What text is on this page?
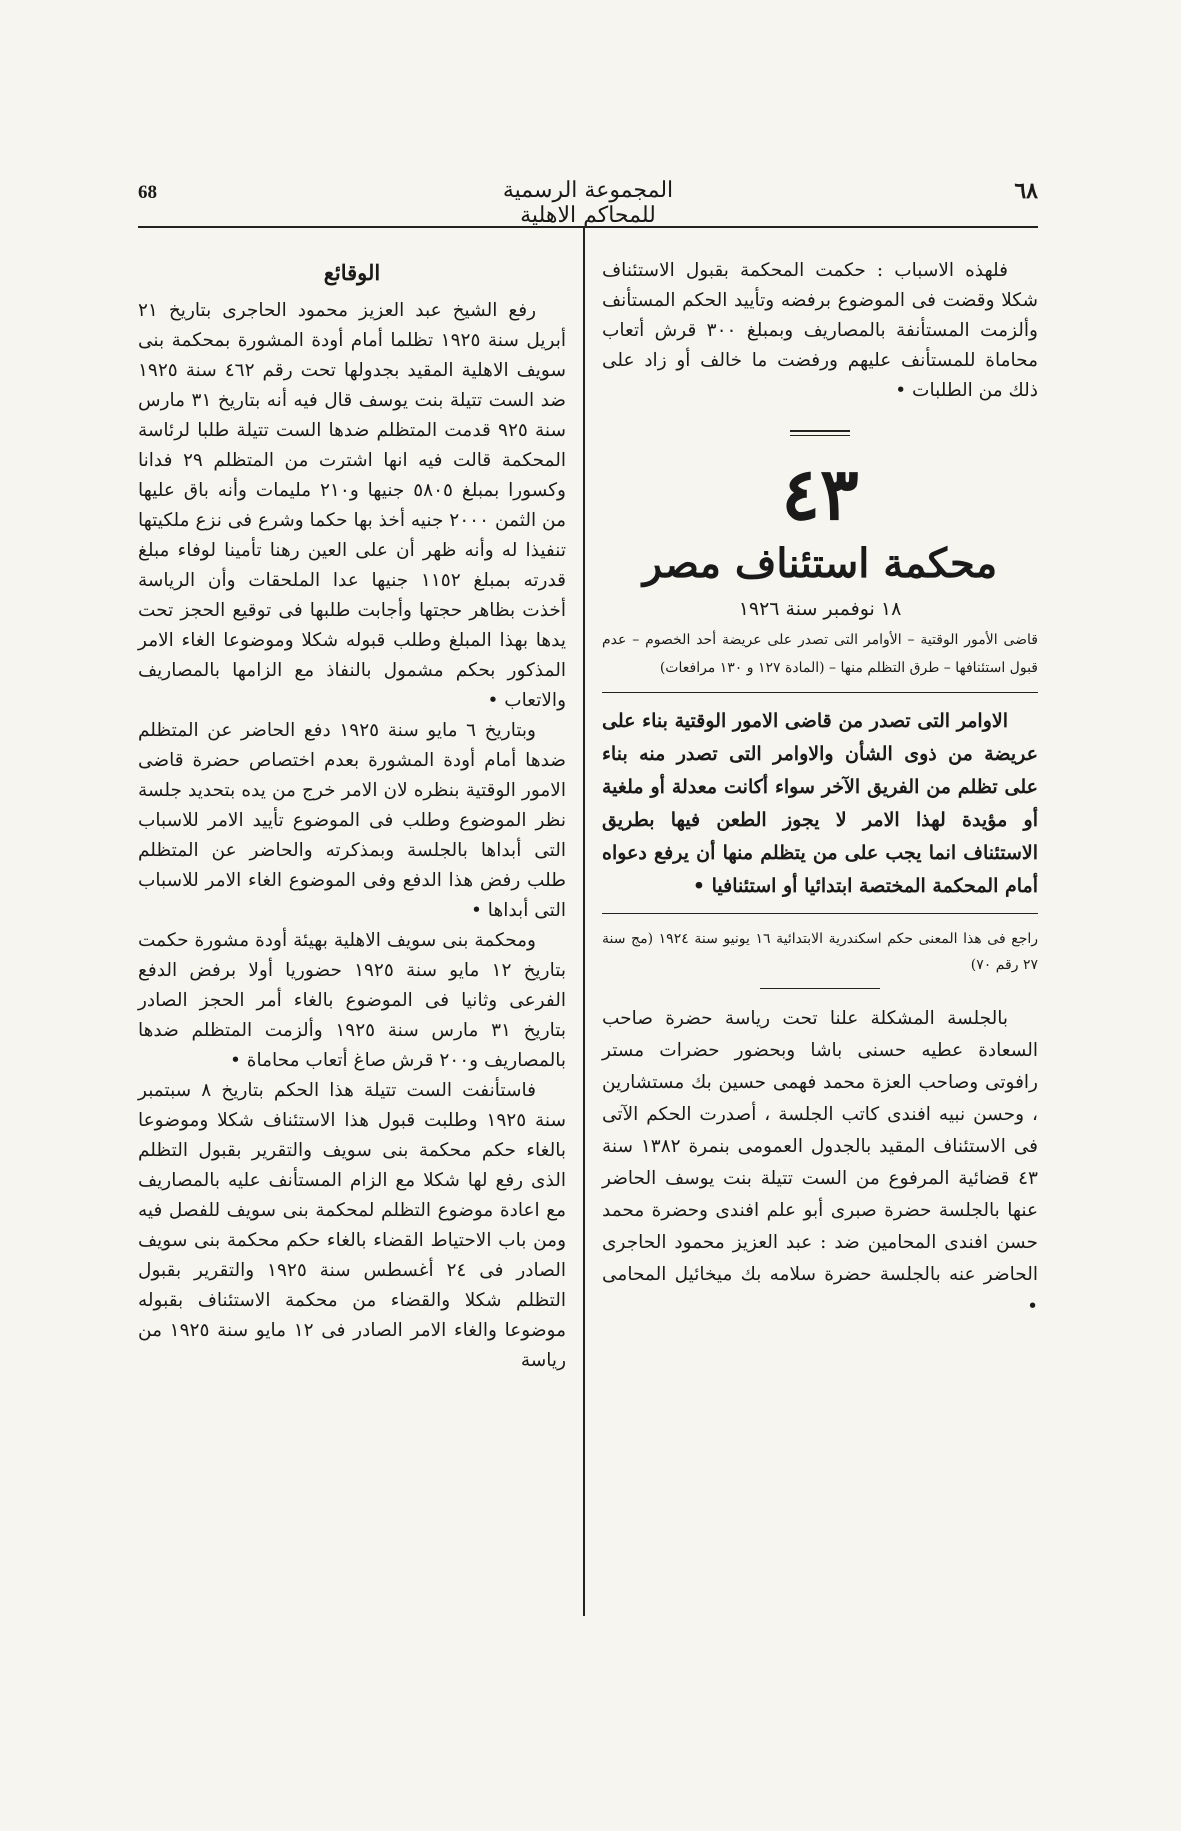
68	المجموعة الرسمية للمحاكم الاهلية
٦٨

الوقائع

رفع الشيخ عبد العزيز محمود الحاجرى بتاريخ ٢١ أبريل سنة ١٩٢٥ تظلما أمام أودة المشورة بمحكمة بنى سويف الاهلية المقيد بجدولها تحت رقم ٤٦٢ سنة ١٩٢٥ ضد الست تتيلة بنت يوسف قال فيه أنه بتاريخ ٣١ مارس سنة ٩٢٥ قدمت المتظلم ضدها الست تتيلة طلبا لرئاسة المحكمة قالت فيه انها اشترت من المتظلم ٢٩ فدانا وكسورا بمبلغ ٥٨٠٥ جنيها و٢١٠ مليمات وأنه باق عليها من الثمن ٢٠٠٠ جنيه أخذ بها حكما وشرع فى نزع ملكيتها تنفيذا له وأنه ظهر أن على العين رهنا تأمينا لوفاء مبلغ قدرته بمبلغ ١١٥٢ جنيها عدا الملحقات وأن الرياسة أخذت بظاهر حجتها وأجابت طلبها فى توقيع الحجز تحت يدها بهذا المبلغ وطلب قبوله شكلا وموضوعا الغاء الامر المذكور بحكم مشمول بالنفاذ مع الزامها بالمصاريف والاتعاب •

وبتاريخ ٦ مايو سنة ١٩٢٥ دفع الحاضر عن المتظلم ضدها أمام أودة المشورة بعدم اختصاص حضرة قاضى الامور الوقتية بنظره لان الامر خرج من يده بتحديد جلسة نظر الموضوع وطلب فى الموضوع تأييد الامر للاسباب التى أبداها بالجلسة وبمذكرته والحاضر عن المتظلم طلب رفض هذا الدفع وفى الموضوع الغاء الامر للاسباب التى أبداها •

ومحكمة بنى سويف الاهلية بهيئة أودة مشورة حكمت بتاريخ ١٢ مايو سنة ١٩٢٥ حضوريا أولا برفض الدفع الفرعى وثانيا فى الموضوع بالغاء أمر الحجز الصادر بتاريخ ٣١ مارس سنة ١٩٢٥ وألزمت المتظلم ضدها بالمصاريف و٢٠٠ قرش صاغ أتعاب محاماة •

فاستأنفت الست تتيلة هذا الحكم بتاريخ ٨ سبتمبر سنة ١٩٢٥ وطلبت قبول هذا الاستئناف شكلا وموضوعا بالغاء حكم محكمة بنى سويف والتقرير بقبول التظلم الذى رفع لها شكلا مع الزام المستأنف عليه بالمصاريف مع اعادة موضوع التظلم لمحكمة بنى سويف للفصل فيه ومن باب الاحتياط القضاء بالغاء حكم محكمة بنى سويف الصادر فى ٢٤ أغسطس سنة ١٩٢٥ والتقرير بقبول التظلم شكلا والقضاء من محكمة الاستئناف بقبوله موضوعا والغاء الامر الصادر فى ١٢ مايو سنة ١٩٢٥ من رياسة

فلهذه الاسباب : حكمت المحكمة بقبول الاستئناف شكلا وقضت فى الموضوع برفضه وتأييد الحكم المستأنف وألزمت المستأنفة بالمصاريف وبمبلغ ٣٠٠ قرش أتعاب محاماة للمستأنف عليهم ورفضت ما خالف أو زاد على ذلك من الطلبات •

٤٣

محكمة استئناف مصر

١٨ نوفمبر سنة ١٩٢٦

قاضى الأمور الوقتية – الأوامر التى تصدر على عريضة أحد الخصوم – عدم قبول استئنافها – طرق التظلم منها – (المادة ١٢٧ و ١٣٠ مرافعات)

الاوامر التى تصدر من قاضى الامور الوقتية بناء على عريضة من ذوى الشأن والاوامر التى تصدر منه بناء على تظلم من الفريق الآخر سواء أكانت معدلة أو ملغية أو مؤيدة لهذا الامر لا يجوز الطعن فيها بطريق الاستئناف انما يجب على من يتظلم منها أن يرفع دعواه أمام المحكمة المختصة ابتدائيا أو استئنافيا •

راجع فى هذا المعنى حكم اسكندرية الابتدائية ١٦ يونيو سنة ١٩٢٤ (مج سنة ٢٧ رقم ٧٠)

بالجلسة المشكلة علنا تحت رياسة حضرة صاحب السعادة عطيه حسنى باشا وبحضور حضرات مستر رافوتى وصاحب العزة محمد فهمى حسين بك مستشارين ، وحسن نبيه افندى كاتب الجلسة ، أصدرت الحكم الآتى فى الاستئناف المقيد بالجدول العمومى بنمرة ١٣٨٢ سنة ٤٣ قضائية المرفوع من الست تتيلة بنت يوسف الحاضر عنها بالجلسة حضرة صبرى أبو علم افندى وحضرة محمد حسن افندى المحامين ضد : عبد العزيز محمود الحاجرى الحاضر عنه بالجلسة حضرة سلامه بك ميخائيل المحامى •
